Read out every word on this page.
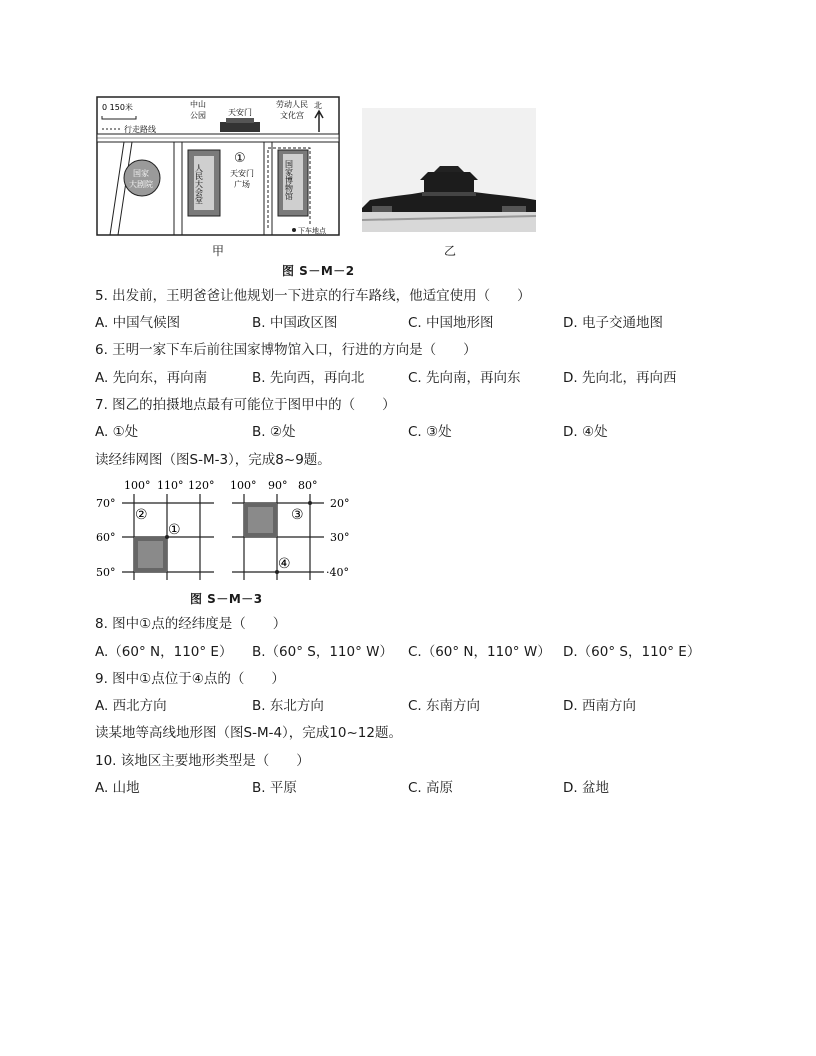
0 150米
行走路线
中山
公园	天安门
劳动人民
文化宫
北
国家
大剧院	人民大会堂
①
天安门
广场	国家博物馆
下车地点
甲	乙
图 S－M－2
5. 出发前，王明爸爸让他规划一下进京的行车路线，他适宜使用（　　）
A. 中国气候图	B. 中国政区图	C. 中国地形图	D. 电子交通地图
6. 王明一家下车后前往国家博物馆入口，行进的方向是（　　）
A. 先向东，再向南	B. 先向西，再向北	C. 先向南，再向东	D. 先向北，再向西
7. 图乙的拍摄地点最有可能位于图甲中的（　　）
A. ①处	B. ②处	C. ③处	D. ④处
读经纬网图（图S-M-3），完成8~9题。
100° 110° 120°
70°
60°
50°
②
①
100° 90° 80°
20°
30°
·40°
③
④
图 S－M－3
8. 图中①点的经纬度是（　　）
A.（60° N，110° E） B.（60° S，110° W） C.（60° N，110° W） D.（60° S，110° E）
9. 图中①点位于④点的（　　）
A. 西北方向	B. 东北方向	C. 东南方向	D. 西南方向
读某地等高线地形图（图S-M-4），完成10~12题。
10. 该地区主要地形类型是（　　）
A. 山地	B. 平原	C. 高原	D. 盆地
